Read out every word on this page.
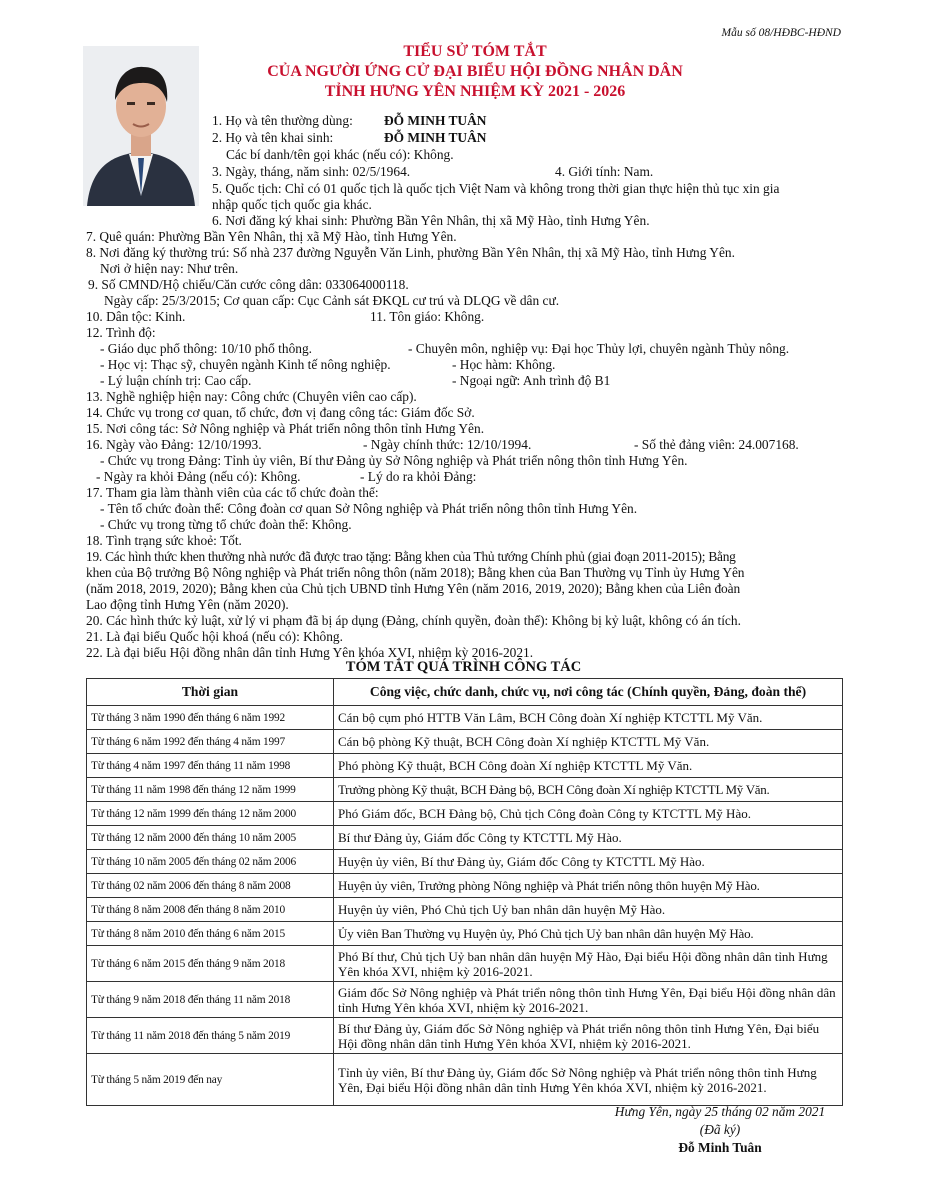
Mẫu số 08/HĐBC-HĐND
TIỂU SỬ TÓM TẮT
CỦA NGƯỜI ỨNG CỬ ĐẠI BIỂU HỘI ĐỒNG NHÂN DÂN
TỈNH HƯNG YÊN NHIỆM KỲ 2021 - 2026
1. Họ và tên thường dùng: ĐỖ MINH TUÂN
2. Họ và tên khai sinh:	ĐỖ MINH TUÂN
Các bí danh/tên gọi khác (nếu có): Không.
3. Ngày, tháng, năm sinh: 02/5/1964.	4. Giới tính: Nam.
5. Quốc tịch: Chỉ có 01 quốc tịch là quốc tịch Việt Nam và không trong thời gian thực hiện thủ tục xin gia
nhập quốc tịch quốc gia khác.
6. Nơi đăng ký khai sinh: Phường Bần Yên Nhân, thị xã Mỹ Hào, tỉnh Hưng Yên.
7. Quê quán: Phường Bần Yên Nhân, thị xã Mỹ Hào, tỉnh Hưng Yên.
8. Nơi đăng ký thường trú: Số nhà 237 đường Nguyễn Văn Linh, phường Bần Yên Nhân, thị xã Mỹ Hào, tỉnh Hưng Yên.
Nơi ở hiện nay: Như trên.
9. Số CMND/Hộ chiếu/Căn cước công dân: 033064000118.
Ngày cấp: 25/3/2015; Cơ quan cấp: Cục Cảnh sát ĐKQL cư trú và DLQG về dân cư.
10. Dân tộc: Kinh.	11. Tôn giáo: Không.
12. Trình độ:
- Giáo dục phổ thông: 10/10 phổ thông.	- Chuyên môn, nghiệp vụ: Đại học Thủy lợi, chuyên ngành Thủy nông.
- Học vị: Thạc sỹ, chuyên ngành Kinh tế nông nghiệp.	- Học hàm: Không.
- Lý luận chính trị: Cao cấp.	- Ngoại ngữ: Anh trình độ B1
13. Nghề nghiệp hiện nay: Công chức (Chuyên viên cao cấp).
14. Chức vụ trong cơ quan, tổ chức, đơn vị đang công tác: Giám đốc Sở.
15. Nơi công tác: Sở Nông nghiệp và Phát triển nông thôn tỉnh Hưng Yên.
16. Ngày vào Đảng: 12/10/1993.	- Ngày chính thức: 12/10/1994.	- Số thẻ đảng viên: 24.007168.
- Chức vụ trong Đảng: Tỉnh ủy viên, Bí thư Đảng ủy Sở Nông nghiệp và Phát triển nông thôn tỉnh Hưng Yên.
- Ngày ra khỏi Đảng (nếu có): Không.	- Lý do ra khỏi Đảng:
17. Tham gia làm thành viên của các tổ chức đoàn thể:
- Tên tổ chức đoàn thể: Công đoàn cơ quan Sở Nông nghiệp và Phát triển nông thôn tỉnh Hưng Yên.
- Chức vụ trong từng tổ chức đoàn thể: Không.
18. Tình trạng sức khoẻ: Tốt.
19. Các hình thức khen thưởng nhà nước đã được trao tặng: Bằng khen của Thủ tướng Chính phủ (giai đoạn 2011-2015); Bằng
khen của Bộ trưởng Bộ Nông nghiệp và Phát triển nông thôn (năm 2018); Bằng khen của Ban Thường vụ Tỉnh ủy Hưng Yên
(năm 2018, 2019, 2020); Bằng khen của Chủ tịch UBND tỉnh Hưng Yên (năm 2016, 2019, 2020); Bằng khen của Liên đoàn
Lao động tỉnh Hưng Yên (năm 2020).
20. Các hình thức kỷ luật, xử lý vi phạm đã bị áp dụng (Đảng, chính quyền, đoàn thể): Không bị kỷ luật, không có án tích.
21. Là đại biểu Quốc hội khoá (nếu có): Không.
22. Là đại biểu Hội đồng nhân dân tỉnh Hưng Yên khóa XVI, nhiệm kỳ 2016-2021.
TÓM TẮT QUÁ TRÌNH CÔNG TÁC
Thời gian	Công việc, chức danh, chức vụ, nơi công tác (Chính quyền, Đảng, đoàn thể)
Từ tháng 3 năm 1990 đến tháng 6 năm 1992	Cán bộ cụm phó HTTB Văn Lâm, BCH Công đoàn Xí nghiệp KTCTTL Mỹ Văn.
Từ tháng 6 năm 1992 đến tháng 4 năm 1997	Cán bộ phòng Kỹ thuật, BCH Công đoàn Xí nghiệp KTCTTL Mỹ Văn.
Từ tháng 4 năm 1997 đến tháng 11 năm 1998	Phó phòng Kỹ thuật, BCH Công đoàn Xí nghiệp KTCTTL Mỹ Văn.
Từ tháng 11 năm 1998 đến tháng 12 năm 1999	Trưởng phòng Kỹ thuật, BCH Đảng bộ, BCH Công đoàn Xí nghiệp KTCTTL Mỹ Văn.
Từ tháng 12 năm 1999 đến tháng 12 năm 2000	Phó Giám đốc, BCH Đảng bộ, Chủ tịch Công đoàn Công ty KTCTTL Mỹ Hào.
Từ tháng 12 năm 2000 đến tháng 10 năm 2005	Bí thư Đảng ủy, Giám đốc Công ty KTCTTL Mỹ Hào.
Từ tháng 10 năm 2005 đến tháng 02 năm 2006	Huyện ủy viên, Bí thư Đảng ủy, Giám đốc Công ty KTCTTL Mỹ Hào.
Từ tháng 02 năm 2006 đến tháng 8 năm 2008	Huyện ủy viên, Trưởng phòng Nông nghiệp và Phát triển nông thôn huyện Mỹ Hào.
Từ tháng 8 năm 2008 đến tháng 8 năm 2010	Huyện ủy viên, Phó Chủ tịch Uỷ ban nhân dân huyện Mỹ Hào.
Từ tháng 8 năm 2010 đến tháng 6 năm 2015	Ủy viên Ban Thường vụ Huyện ủy, Phó Chủ tịch Uỷ ban nhân dân huyện Mỹ Hào.
Từ tháng 6 năm 2015 đến tháng 9 năm 2018	Phó Bí thư, Chủ tịch Uỷ ban nhân dân huyện Mỹ Hào, Đại biểu Hội đồng nhân dân tỉnh Hưng Yên khóa XVI, nhiệm kỳ 2016-2021.
Từ tháng 9 năm 2018 đến tháng 11 năm 2018	Giám đốc Sở Nông nghiệp và Phát triển nông thôn tỉnh Hưng Yên, Đại biểu Hội đồng nhân dân tỉnh Hưng Yên khóa XVI, nhiệm kỳ 2016-2021.
Từ tháng 11 năm 2018 đến tháng 5 năm 2019	Bí thư Đảng ủy, Giám đốc Sở Nông nghiệp và Phát triển nông thôn tỉnh Hưng Yên, Đại biểu Hội đồng nhân dân tỉnh Hưng Yên khóa XVI, nhiệm kỳ 2016-2021.
Từ tháng 5 năm 2019 đến nay	Tỉnh ủy viên, Bí thư Đảng ủy, Giám đốc Sở Nông nghiệp và Phát triển nông thôn tỉnh Hưng Yên, Đại biểu Hội đồng nhân dân tỉnh Hưng Yên khóa XVI, nhiệm kỳ 2016-2021.
Hưng Yên, ngày 25 tháng 02 năm 2021
(Đã ký)
Đỗ Minh Tuân
